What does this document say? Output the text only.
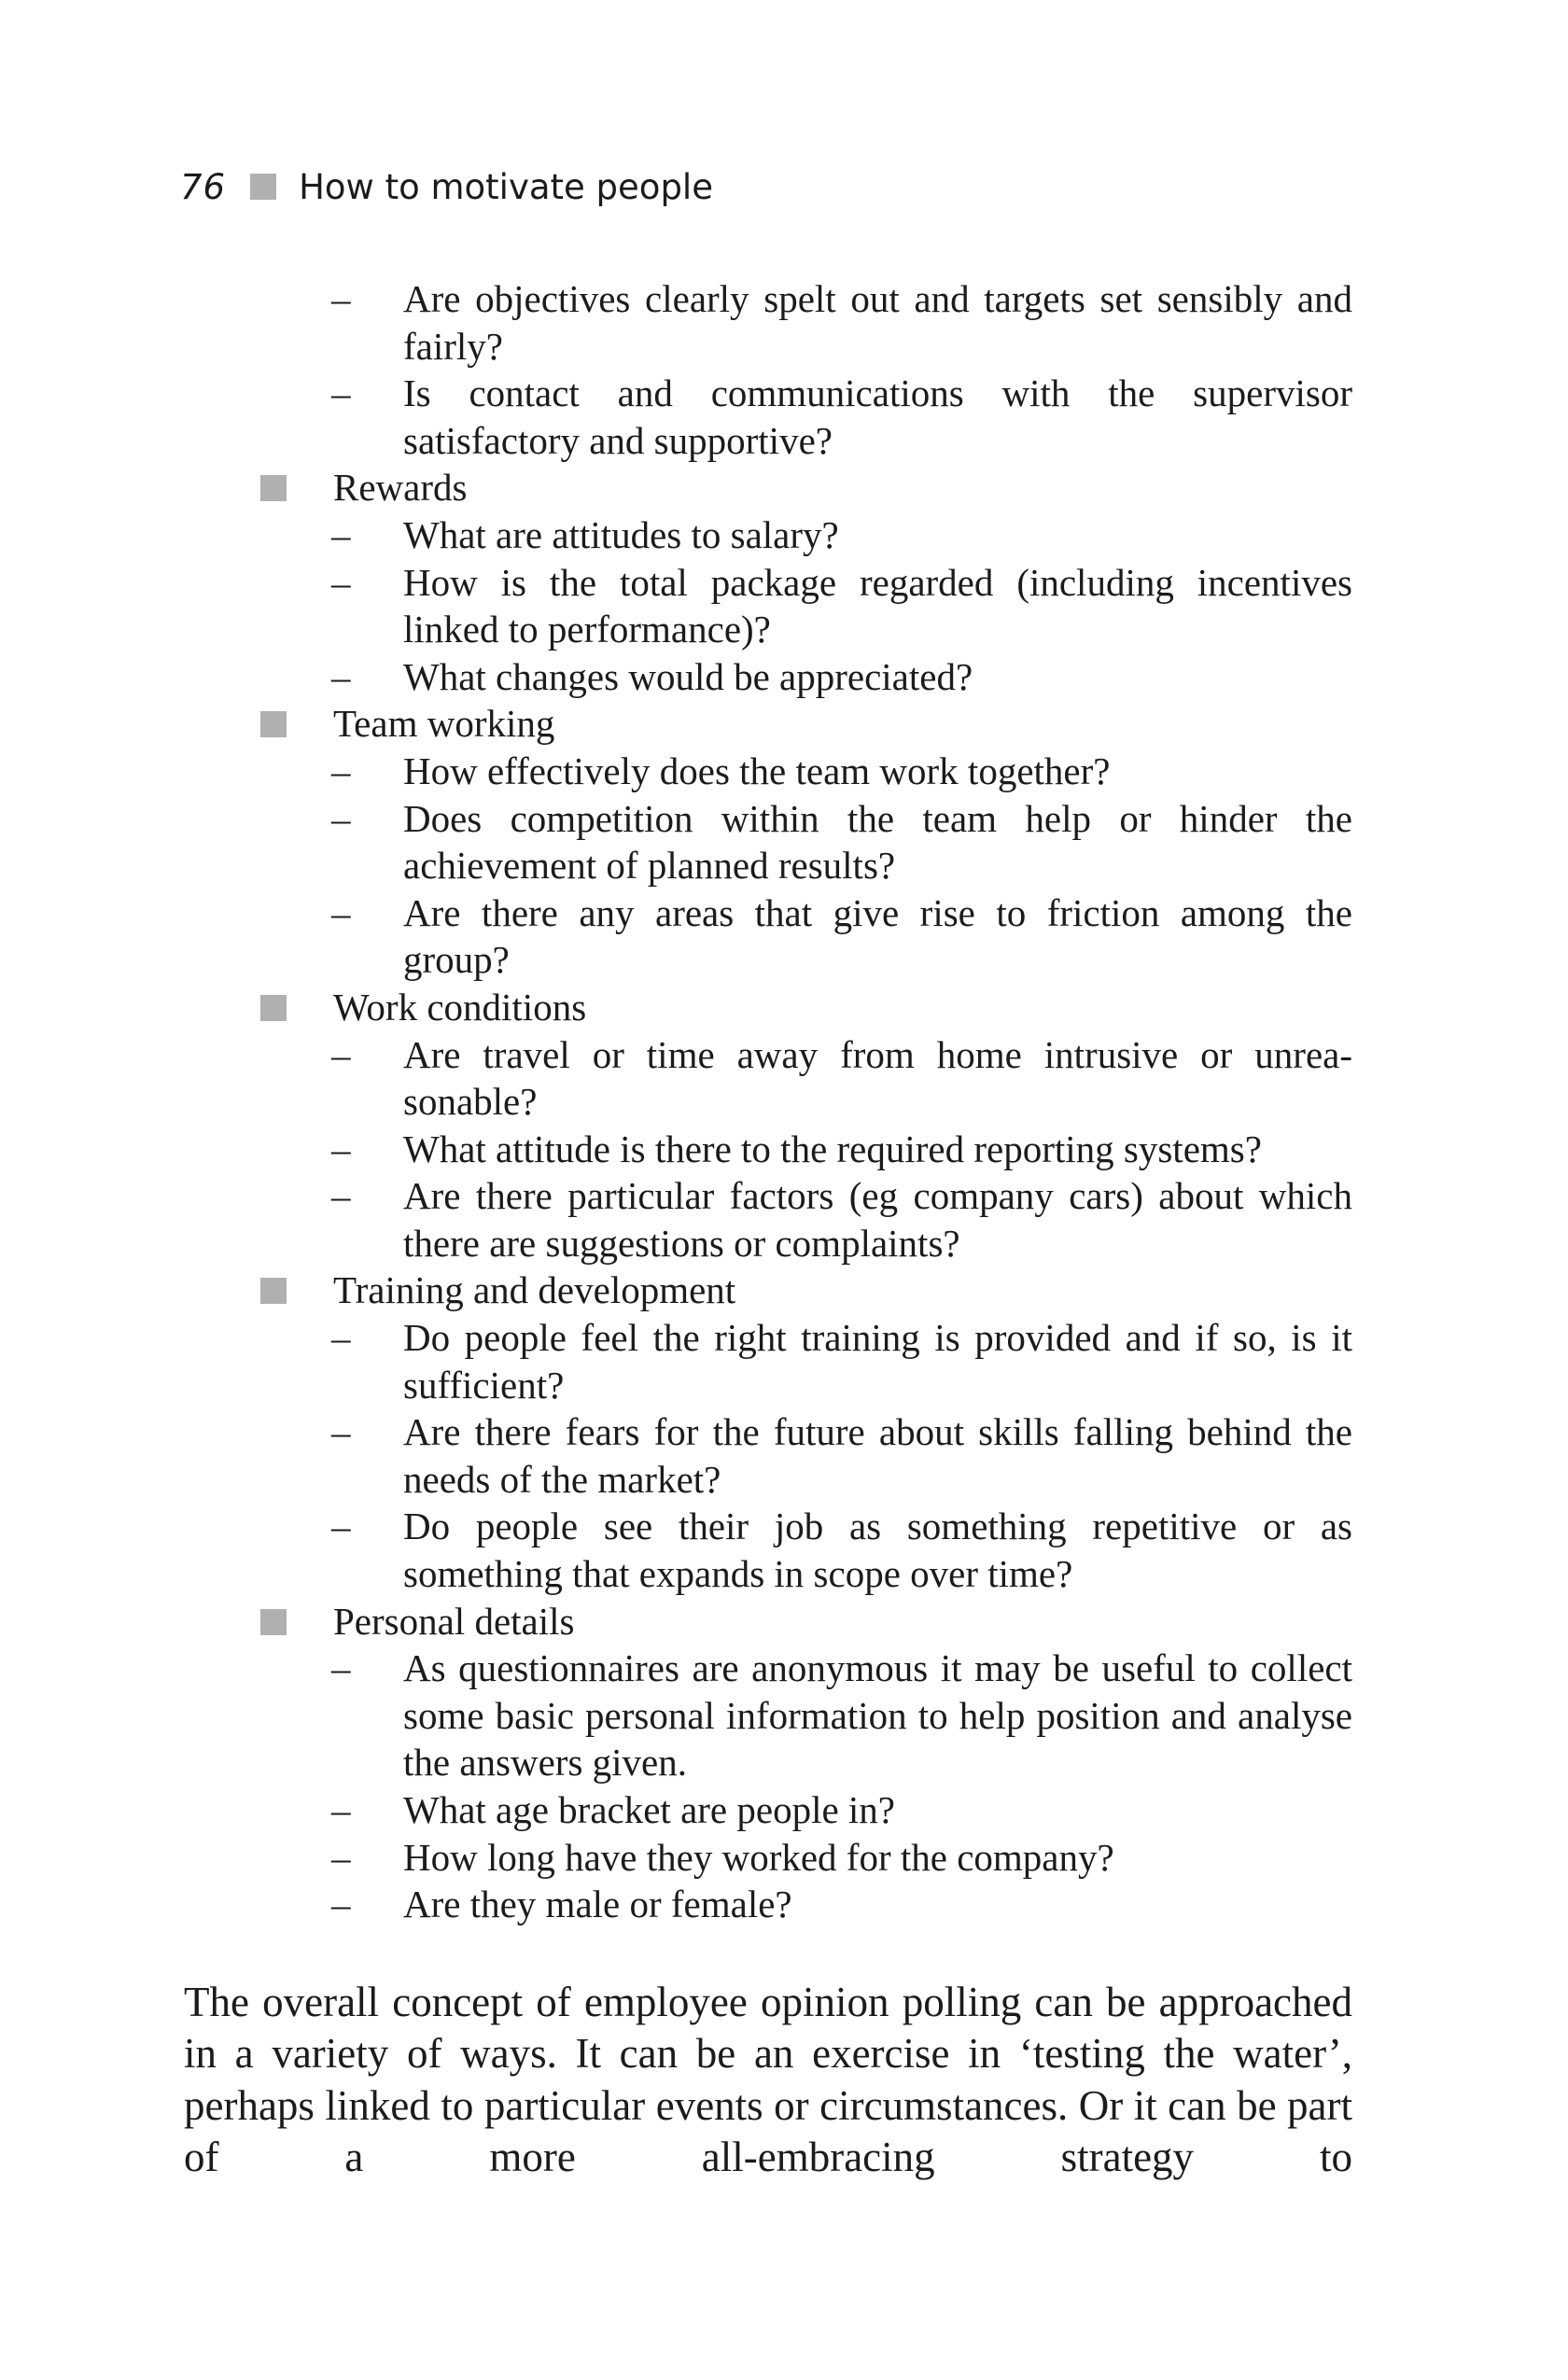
76 How to motivate people
– Are objectives clearly spelt out and targets set sensibly and fairly?
– Is contact and communications with the supervisor satisfactory and supportive?
Rewards
– What are attitudes to salary?
– How is the total package regarded (including incentives linked to performance)?
– What changes would be appreciated?
Team working
– How effectively does the team work together?
– Does competition within the team help or hinder the achievement of planned results?
– Are there any areas that give rise to friction among the group?
Work conditions
– Are travel or time away from home intrusive or unreasonable?
– What attitude is there to the required reporting systems?
– Are there particular factors (eg company cars) about which there are suggestions or complaints?
Training and development
– Do people feel the right training is provided and if so, is it sufficient?
– Are there fears for the future about skills falling behind the needs of the market?
– Do people see their job as something repetitive or as something that expands in scope over time?
Personal details
– As questionnaires are anonymous it may be useful to collect some basic personal information to help position and analyse the answers given.
– What age bracket are people in?
– How long have they worked for the company?
– Are they male or female?

The overall concept of employee opinion polling can be approached in a variety of ways. It can be an exercise in ‘testing the water’, perhaps linked to particular events or circumstances. Or it can be part of a more all-embracing strategy to
